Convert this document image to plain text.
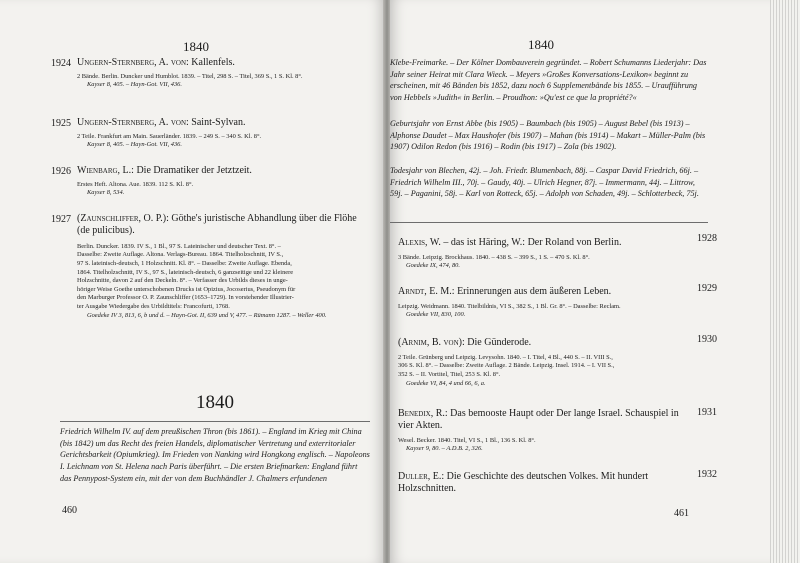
1840
1924 Ungern-Sternberg, A. von: Kallenfels.
2 Bände. Berlin. Duncker und Humblot. 1839. – Titel, 298 S. – Titel, 369 S., 1 S. Kl. 8°.
Kayser 8, 405. – Hayn-Got. VII, 436.
1925 Ungern-Sternberg, A. von: Saint-Sylvan.
2 Teile. Frankfurt am Main. Sauerländer. 1839. – 249 S. – 340 S. Kl. 8°.
Kayser 8, 405. – Hayn-Got. VII, 436.
1926 Wienbarg, L.: Die Dramatiker der Jetztzeit.
Erstes Heft. Altona. Aue. 1839. 112 S. Kl. 8°.
Kayser 8, 534.
1927 (Zaunschliffer, O. P.): Göthe's juristische Abhandlung über die Flöhe (de pulicibus).
Berlin. Duncker. 1839. IV S., 1 Bl., 97 S. Lateinischer und deutscher Text. 8°. –
Dasselbe: Zweite Auflage. Altona. Verlags-Bureau. 1864. Titelholzschnitt, IV S.,
97 S. lateinisch-deutsch, 1 Holzschnitt. Kl. 8°. – Dasselbe: Zweite Auflage. Ebenda,
1864. Titelholzschnitt, IV S., 97 S., lateinisch-deutsch, 6 ganzseitige und 22 kleinere
Holzschnitte, davon 2 auf den Deckeln. 8°. – Verfasser des Urbilds dieses in unge-
höriger Weise Goethe unterschobenen Drucks ist Opizius, Jocoserius, Pseudonym für
den Marburger Professor O. P. Zaunschliffer (1653–1729). In vorstehender Illustrier-
ter Ausgabe Wiedergabe des Urbildtitels: Francofurti, 1768.
Goedeke IV 3, 813, 6, b und d. – Hayn-Got. II, 639 und V, 477. – Rümann 1287. – Weller 400.
1840
Friedrich Wilhelm IV. auf dem preußischen Thron (bis 1861). – England im Krieg mit China (bis 1842) um das Recht des freien Handels, diplomatischer Vertretung und exterritorialer Gerichtsbarkeit (Opiumkrieg). Im Frieden von Nanking wird Hongkong englisch. – Napoleons I. Leichnam von St. Helena nach Paris überführt. – Die ersten Briefmarken: England führt das Pennypost-System ein, mit der von dem Buchhändler J. Chalmers erfundenen
460
1840
Klebe-Freimarke. – Der Kölner Dombauverein gegründet. – Robert Schumanns Liederjahr: Das Jahr seiner Heirat mit Clara Wieck. – Meyers »Großes Konversations-Lexikon« beginnt zu erscheinen, mit 46 Bänden bis 1852, dazu noch 6 Supplementbände bis 1855. – Uraufführung von Hebbels »Judith« in Berlin. – Proudhon: »Qu'est ce que la propriété?«
Geburtsjahr von Ernst Abbe (bis 1905) – Baumbach (bis 1905) – August Bebel (bis 1913) – Alphonse Daudet – Max Haushofer (bis 1907) – Mahan (bis 1914) – Makart – Müller-Palm (bis 1907) Odilon Redon (bis 1916) – Rodin (bis 1917) – Zola (bis 1902).
Todesjahr von Blechen, 42j. – Joh. Friedr. Blumenbach, 88j. – Caspar David Friedrich, 66j. – Friedrich Wilhelm III., 70j. – Gaudy, 40j. – Ulrich Hegner, 87j. – Immermann, 44j. – Littrow, 59j. – Paganini, 58j. – Karl von Rotteck, 65j. – Adolph von Schaden, 49j. – Schlotterbeck, 75j.
Alexis, W. – das ist Häring, W.: Der Roland von Berlin.
3 Bände. Leipzig. Brockhaus. 1840. – 438 S. – 399 S., 1 S. – 470 S. Kl. 8°.
Goedeke IX, 474, 80.
1928
Arndt, E. M.: Erinnerungen aus dem äußeren Leben.
Leipzig. Weidmann. 1840. Titelbildnis, VI S., 382 S., 1 Bl. Gr. 8°. – Dasselbe: Reclam.
Goedeke VII, 830, 100.
1929
(Arnim, B. von): Die Günderode.
2 Teile. Grünberg und Leipzig. Levysohn. 1840. – I. Titel, 4 Bl., 440 S. – II. VIII S.,
306 S. Kl. 8°. – Dasselbe: Zweite Auflage. 2 Bände. Leipzig. Insel. 1914. – I. VII S.,
352 S. – II. Vortitel, Titel, 253 S. Kl. 8°.
Goedeke VI, 84, 4 und 66, 6, a.
1930
Benedix, R.: Das bemooste Haupt oder Der lange Israel. Schauspiel in vier Akten.
Wesel. Becker. 1840. Titel, VI S., 1 Bl., 136 S. Kl. 8°.
Kayser 9, 80. – A.D.B. 2, 326.
1931
Duller, E.: Die Geschichte des deutschen Volkes. Mit hundert Holzschnitten.
1932
461
